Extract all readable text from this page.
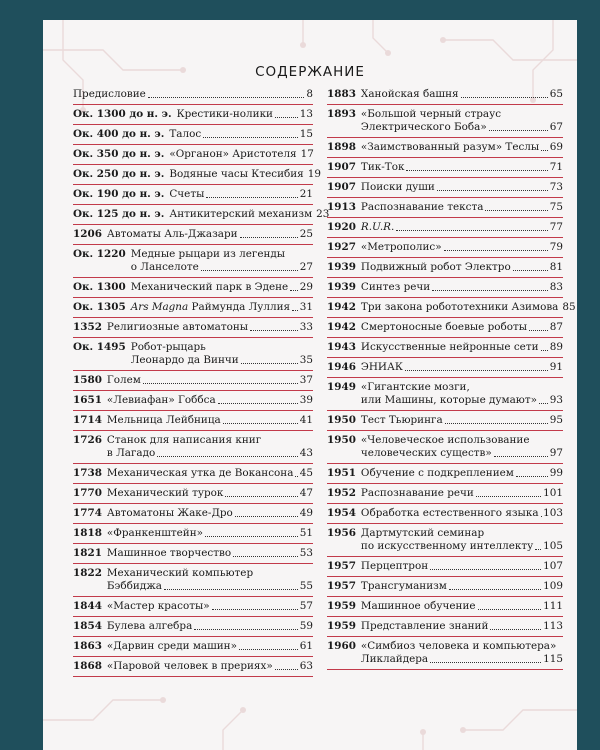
СОДЕРЖАНИЕ
Предисловие	8
Ок. 1300 до н. э. Крестики-нолики	13
Ок. 400 до н. э. Талос	15
Ок. 350 до н. э. «Органон» Аристотеля 17
Ок. 250 до н. э. Водяные часы Ктесибия 19
Ок. 190 до н. э. Счеты	21
Ок. 125 до н. э. Антикитерский механизм 23
1206 Автоматы Аль-Джазари	25
Ок. 1220 Медные рыцари из легенды
о Ланселоте	27
Ок. 1300 Механический парк в Эдене 29
Ок. 1305 Ars Magna Раймунда Луллия 31
1352 Религиозные автоматоны	33
Ок. 1495 Робот-рыцарь
Леонардо да Винчи	35
1580 Голем	37
1651 «Левиафан» Гоббса	39
1714 Мельница Лейбница	41
1726 Станок для написания книг
в Лагадо	43
1738 Механическая утка де Вокансона 45
1770 Механический турок	47
1774 Автоматоны Жаке-Дро	49
1818 «Франкенштейн»	51
1821 Машинное творчество	53
1822 Механический компьютер
Бэббиджа	55
1844 «Мастер красоты»	57
1854 Булева алгебра	59
1863 «Дарвин среди машин»	61
1868 «Паровой человек в прериях»	63
1883 Ханойская башня	65
1893 «Большой черный страус
Электрического Боба»	67
1898 «Заимствованный разум» Теслы 69
1907 Тик-Ток	71
1907 Поиски души	73
1913 Распознавание текста	75
1920 R.U.R.	77
1927 «Метрополис»	79
1939 Подвижный робот Электро	81
1939 Синтез речи	83
1942 Три закона робототехники Азимова 85
1942 Смертоносные боевые роботы 87
1943 Искусственные нейронные сети 89
1946 ЭНИАК	91
1949 «Гигантские мозги,
или Машины, которые думают» 93
1950 Тест Тьюринга	95
1950 «Человеческое использование
человеческих существ»	97
1951 Обучение с подкреплением	99
1952 Распознавание речи	101
1954 Обработка естественного языка 103
1956 Дартмутский семинар
по искусственному интеллекту 105
1957 Перцептрон	107
1957 Трансгуманизм	109
1959 Машинное обучение	111
1959 Представление знаний	113
1960 «Симбиоз человека и компьютера»
Ликлайдера	115
